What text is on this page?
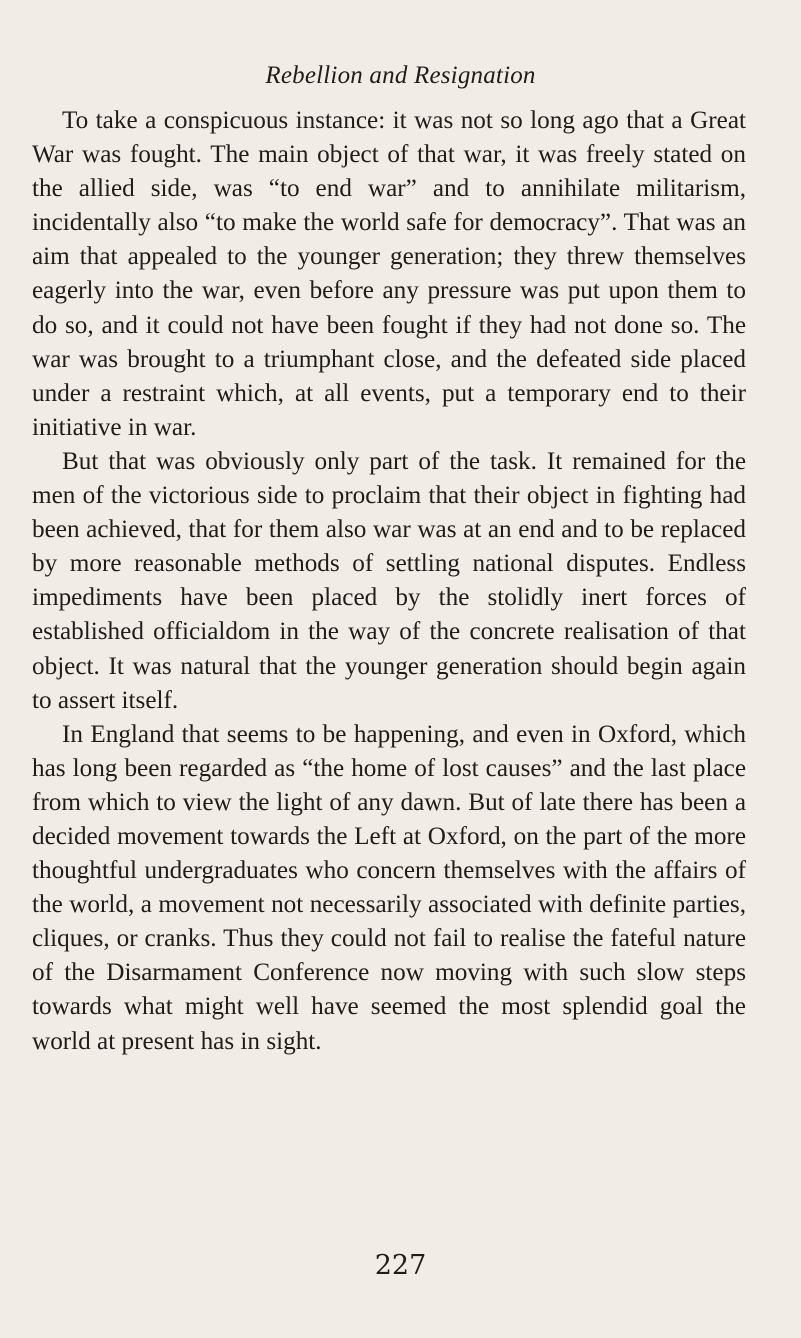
Rebellion and Resignation

To take a conspicuous instance: it was not so long ago that a Great War was fought. The main object of that war, it was freely stated on the allied side, was “to end war” and to annihilate militarism, incidentally also “to make the world safe for democracy”. That was an aim that appealed to the younger generation; they threw themselves eagerly into the war, even before any pressure was put upon them to do so, and it could not have been fought if they had not done so. The war was brought to a triumphant close, and the defeated side placed under a restraint which, at all events, put a temporary end to their initiative in war.

But that was obviously only part of the task. It remained for the men of the victorious side to proclaim that their object in fighting had been achieved, that for them also war was at an end and to be replaced by more reasonable methods of settling national disputes. Endless impediments have been placed by the stolidly inert forces of established officialdom in the way of the concrete realisation of that object. It was natural that the younger generation should begin again to assert itself.

In England that seems to be happening, and even in Oxford, which has long been regarded as “the home of lost causes” and the last place from which to view the light of any dawn. But of late there has been a decided movement towards the Left at Oxford, on the part of the more thoughtful undergraduates who concern themselves with the affairs of the world, a movement not necessarily associated with definite parties, cliques, or cranks. Thus they could not fail to realise the fateful nature of the Disarmament Conference now moving with such slow steps towards what might well have seemed the most splendid goal the world at present has in sight.

227
